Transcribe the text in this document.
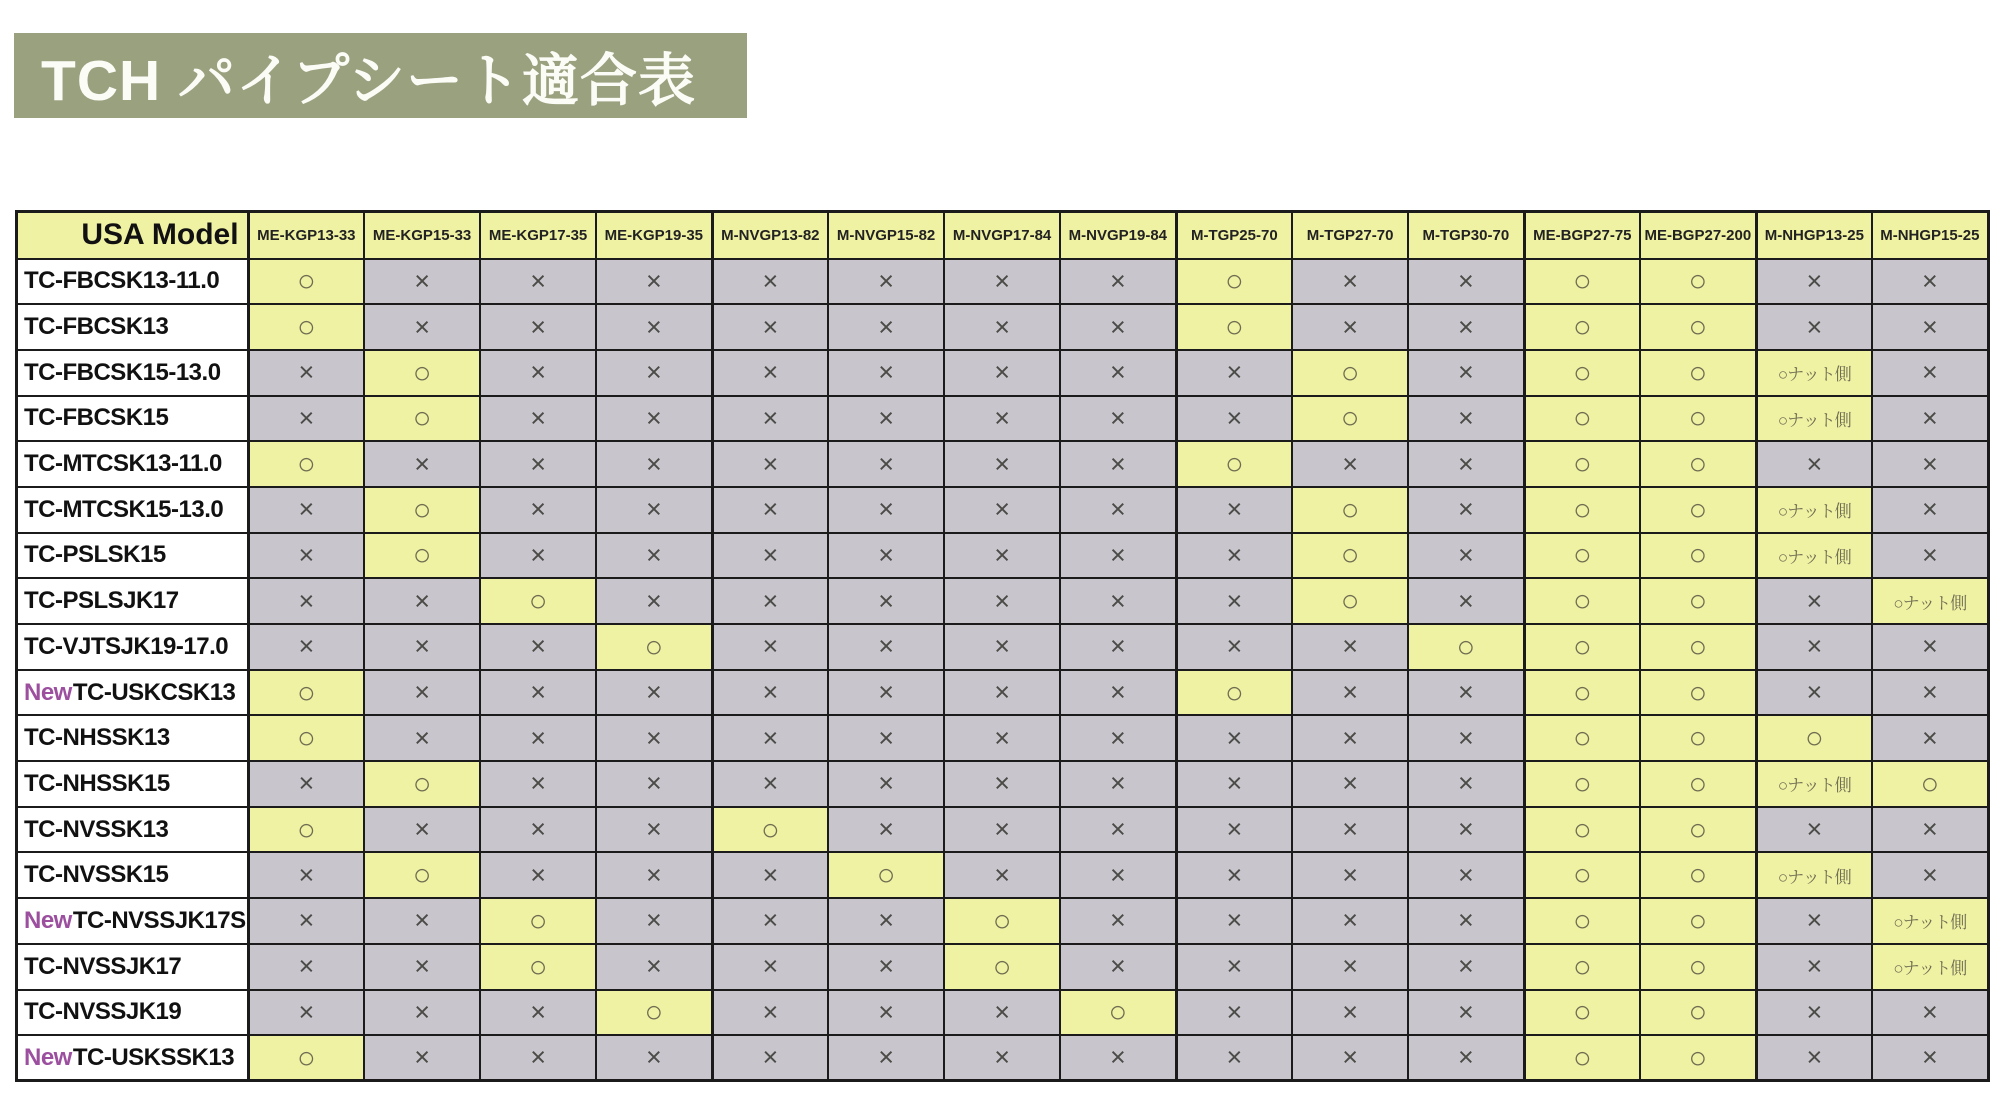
TCH パイプシート適合表
USA Model	ME-KGP13-33	ME-KGP15-33	ME-KGP17-35	ME-KGP19-35	M-NVGP13-82	M-NVGP15-82	M-NVGP17-84	M-NVGP19-84	M-TGP25-70	M-TGP27-70	M-TGP30-70	ME-BGP27-75	ME-BGP27-200	M-NHGP13-25	M-NHGP15-25
TC-FBCSK13-11.0	○	×	×	×	×	×	×	×	○	×	×	○	○	×	×
TC-FBCSK13	○	×	×	×	×	×	×	×	○	×	×	○	○	×	×
TC-FBCSK15-13.0	×	○	×	×	×	×	×	×	×	○	×	○	○	○ナット側	×
TC-FBCSK15	×	○	×	×	×	×	×	×	×	○	×	○	○	○ナット側	×
TC-MTCSK13-11.0	○	×	×	×	×	×	×	×	○	×	×	○	○	×	×
TC-MTCSK15-13.0	×	○	×	×	×	×	×	×	×	○	×	○	○	○ナット側	×
TC-PSLSK15	×	○	×	×	×	×	×	×	×	○	×	○	○	○ナット側	×
TC-PSLSJK17	×	×	○	×	×	×	×	×	×	○	×	○	○	×	○ナット側
TC-VJTSJK19-17.0	×	×	×	○	×	×	×	×	×	×	○	○	○	×	×
NewTC-USKCSK13	○	×	×	×	×	×	×	×	○	×	×	○	○	×	×
TC-NHSSK13	○	×	×	×	×	×	×	×	×	×	×	○	○	○	×
TC-NHSSK15	×	○	×	×	×	×	×	×	×	×	×	○	○	○ナット側	○
TC-NVSSK13	○	×	×	×	○	×	×	×	×	×	×	○	○	×	×
TC-NVSSK15	×	○	×	×	×	○	×	×	×	×	×	○	○	○ナット側	×
NewTC-NVSSJK17S	×	×	○	×	×	×	○	×	×	×	×	○	○	×	○ナット側
TC-NVSSJK17	×	×	○	×	×	×	○	×	×	×	×	○	○	×	○ナット側
TC-NVSSJK19	×	×	×	○	×	×	×	○	×	×	×	○	○	×	×
NewTC-USKSSK13	○	×	×	×	×	×	×	×	×	×	×	○	○	×	×
